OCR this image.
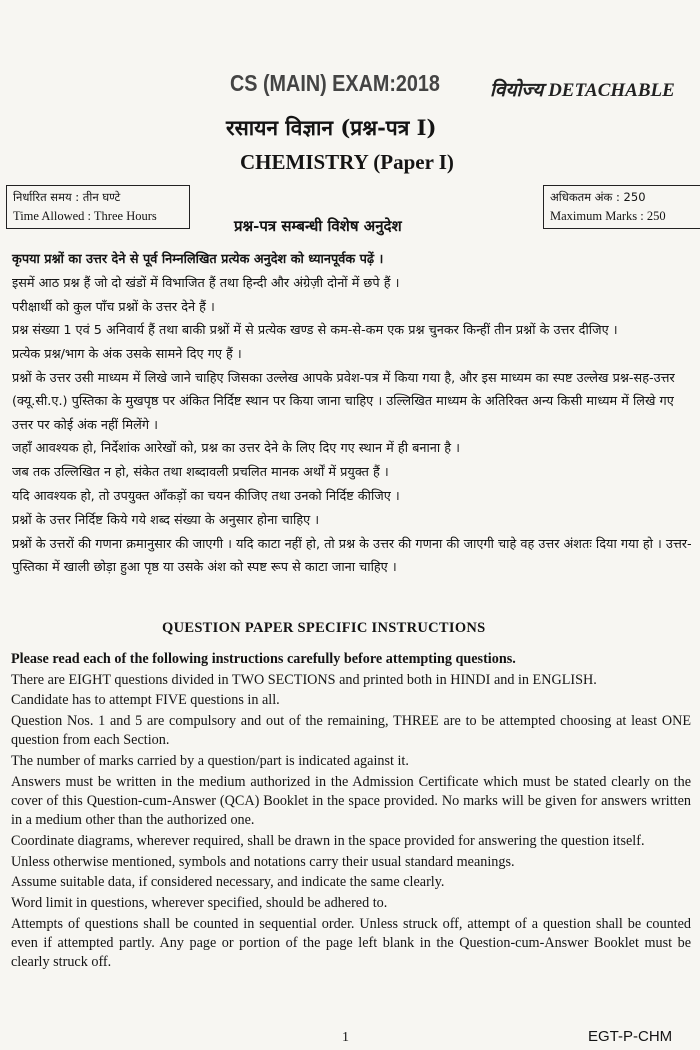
CS (MAIN) EXAM:2018	वियोज्य DETACHABLE
रसायन विज्ञान (प्रश्न-पत्र I)
CHEMISTRY (Paper I)
निर्धारित समय : तीन घण्टे
Time Allowed : Three Hours
अधिकतम अंक : 250
Maximum Marks : 250
प्रश्न-पत्र सम्बन्धी विशेष अनुदेश

कृपया प्रश्नों का उत्तर देने से पूर्व निम्नलिखित प्रत्येक अनुदेश को ध्यानपूर्वक पढ़ें ।

इसमें आठ प्रश्न हैं जो दो खंडों में विभाजित हैं तथा हिन्दी और अंग्रेज़ी दोनों में छपे हैं ।

परीक्षार्थी को कुल पाँच प्रश्नों के उत्तर देने हैं ।

प्रश्न संख्या 1 एवं 5 अनिवार्य हैं तथा बाकी प्रश्नों में से प्रत्येक खण्ड से कम-से-कम एक प्रश्न चुनकर किन्हीं तीन प्रश्नों के उत्तर दीजिए ।

प्रत्येक प्रश्न/भाग के अंक उसके सामने दिए गए हैं ।

प्रश्नों के उत्तर उसी माध्यम में लिखे जाने चाहिए जिसका उल्लेख आपके प्रवेश-पत्र में किया गया है, और इस माध्यम का स्पष्ट उल्लेख प्रश्न-सह-उत्तर (क्यू.सी.ए.) पुस्तिका के मुखपृष्ठ पर अंकित निर्दिष्ट स्थान पर किया जाना चाहिए । उल्लिखित माध्यम के अतिरिक्त अन्य किसी माध्यम में लिखे गए उत्तर पर कोई अंक नहीं मिलेंगे ।

जहाँ आवश्यक हो, निर्देशांक आरेखों को, प्रश्न का उत्तर देने के लिए दिए गए स्थान में ही बनाना है ।

जब तक उल्लिखित न हो, संकेत तथा शब्दावली प्रचलित मानक अर्थों में प्रयुक्त हैं ।

यदि आवश्यक हो, तो उपयुक्त आँकड़ों का चयन कीजिए तथा उनको निर्दिष्ट कीजिए ।

प्रश्नों के उत्तर निर्दिष्ट किये गये शब्द संख्या के अनुसार होना चाहिए ।

प्रश्नों के उत्तरों की गणना क्रमानुसार की जाएगी । यदि काटा नहीं हो, तो प्रश्न के उत्तर की गणना की जाएगी चाहे वह उत्तर अंशतः दिया गया हो । उत्तर-पुस्तिका में खाली छोड़ा हुआ पृष्ठ या उसके अंश को स्पष्ट रूप से काटा जाना चाहिए ।

QUESTION PAPER SPECIFIC INSTRUCTIONS

Please read each of the following instructions carefully before attempting questions.

There are EIGHT questions divided in TWO SECTIONS and printed both in HINDI and in ENGLISH.

Candidate has to attempt FIVE questions in all.

Question Nos. 1 and 5 are compulsory and out of the remaining, THREE are to be attempted choosing at least ONE question from each Section.

The number of marks carried by a question/part is indicated against it.

Answers must be written in the medium authorized in the Admission Certificate which must be stated clearly on the cover of this Question-cum-Answer (QCA) Booklet in the space provided. No marks will be given for answers written in a medium other than the authorized one.

Coordinate diagrams, wherever required, shall be drawn in the space provided for answering the question itself.

Unless otherwise mentioned, symbols and notations carry their usual standard meanings.

Assume suitable data, if considered necessary, and indicate the same clearly.

Word limit in questions, wherever specified, should be adhered to.

Attempts of questions shall be counted in sequential order. Unless struck off, attempt of a question shall be counted even if attempted partly. Any page or portion of the page left blank in the Question-cum-Answer Booklet must be clearly struck off.

1	EGT-P-CHM
